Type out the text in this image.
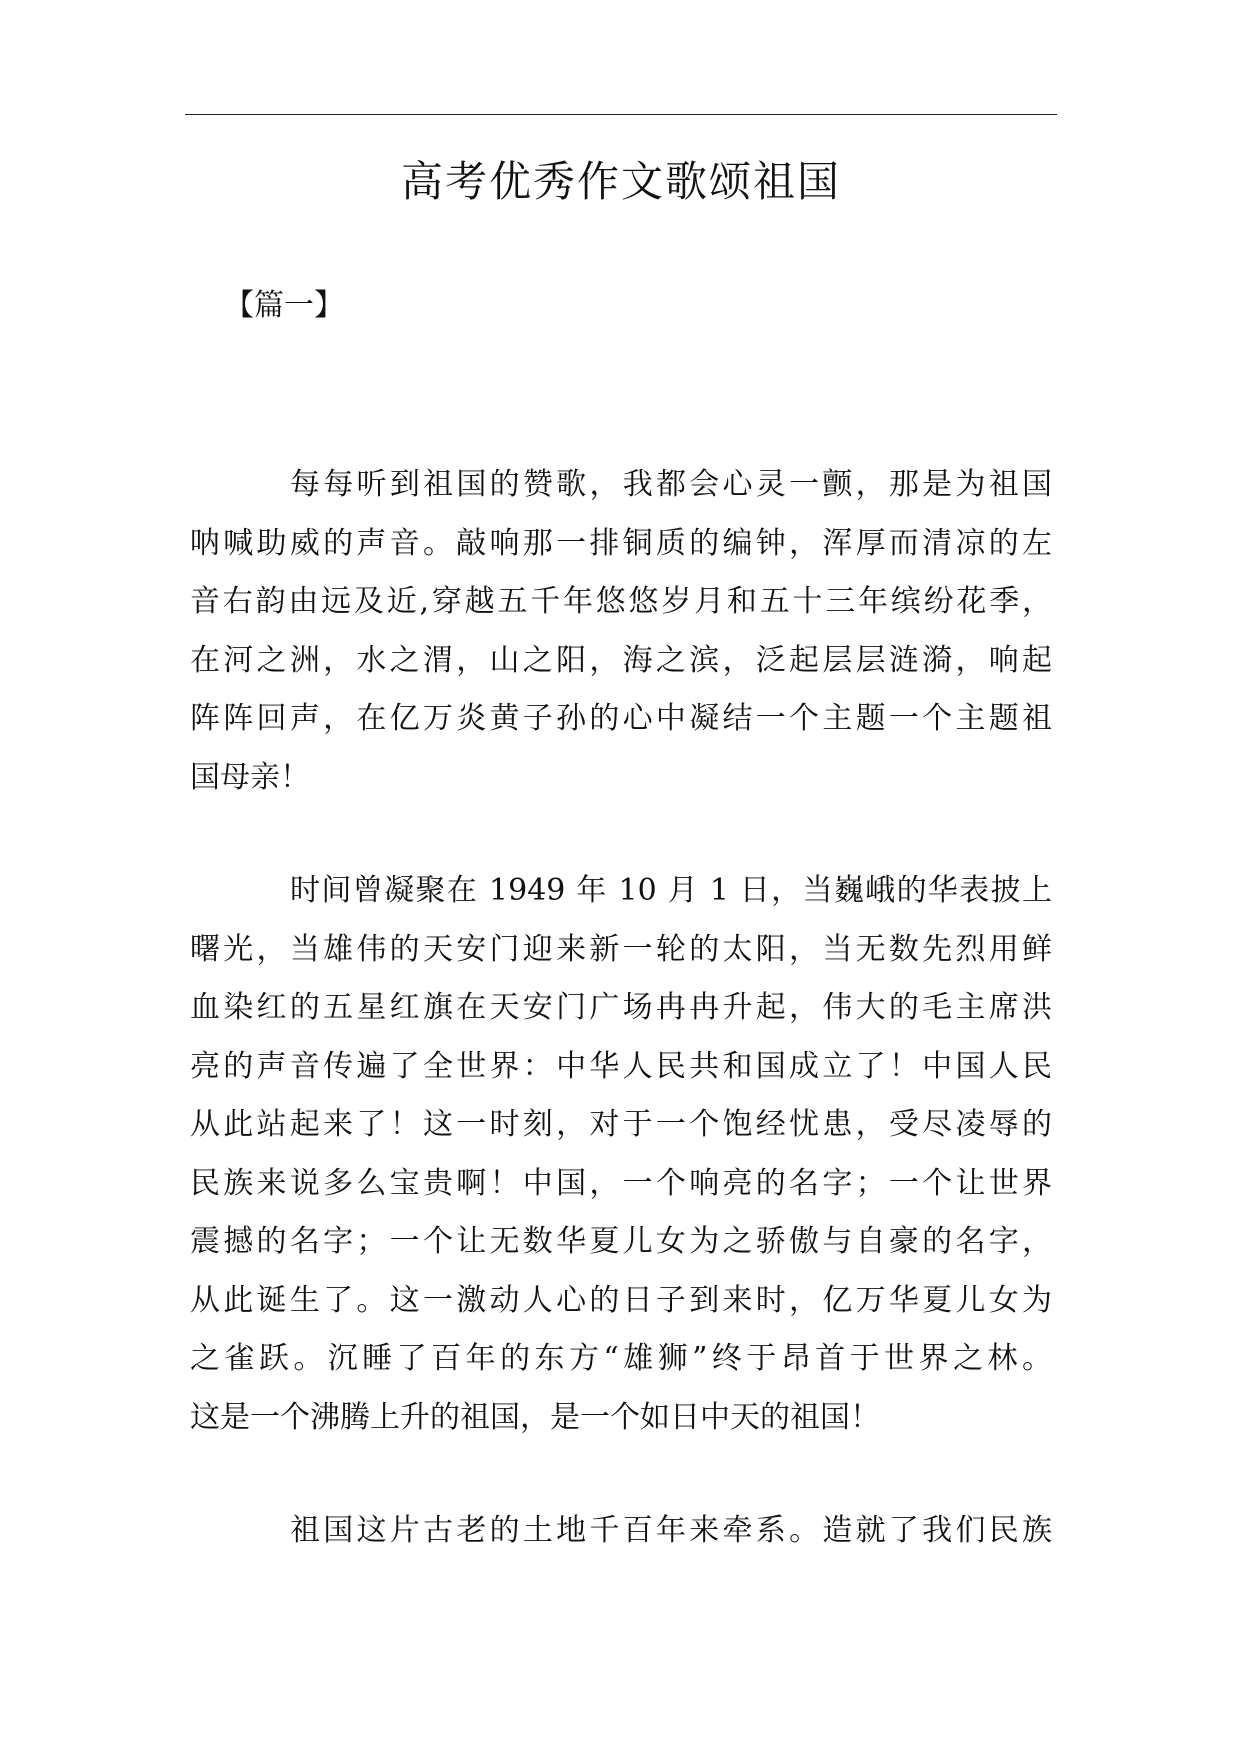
高考优秀作文歌颂祖国
【篇一】
每每听到祖国的赞歌，我都会心灵一颤，那是为祖国
呐喊助威的声音。敲响那一排铜质的编钟，浑厚而清凉的左
音右韵由远及近,穿越五千年悠悠岁月和五十三年缤纷花季，
在河之洲，水之渭，山之阳，海之滨，泛起层层涟漪，响起
阵阵回声，在亿万炎黄子孙的心中凝结一个主题一个主题祖
国母亲！
时间曾凝聚在 1949 年 10 月 1 日，当巍峨的华表披上
曙光，当雄伟的天安门迎来新一轮的太阳，当无数先烈用鲜
血染红的五星红旗在天安门广场冉冉升起，伟大的毛主席洪
亮的声音传遍了全世界：中华人民共和国成立了！中国人民
从此站起来了！这一时刻，对于一个饱经忧患，受尽凌辱的
民族来说多么宝贵啊！中国，一个响亮的名字；一个让世界
震撼的名字；一个让无数华夏儿女为之骄傲与自豪的名字，
从此诞生了。这一激动人心的日子到来时，亿万华夏儿女为
之雀跃。沉睡了百年的东方“雄狮”终于昂首于世界之林。
这是一个沸腾上升的祖国，是一个如日中天的祖国！
祖国这片古老的土地千百年来牵系。造就了我们民族
